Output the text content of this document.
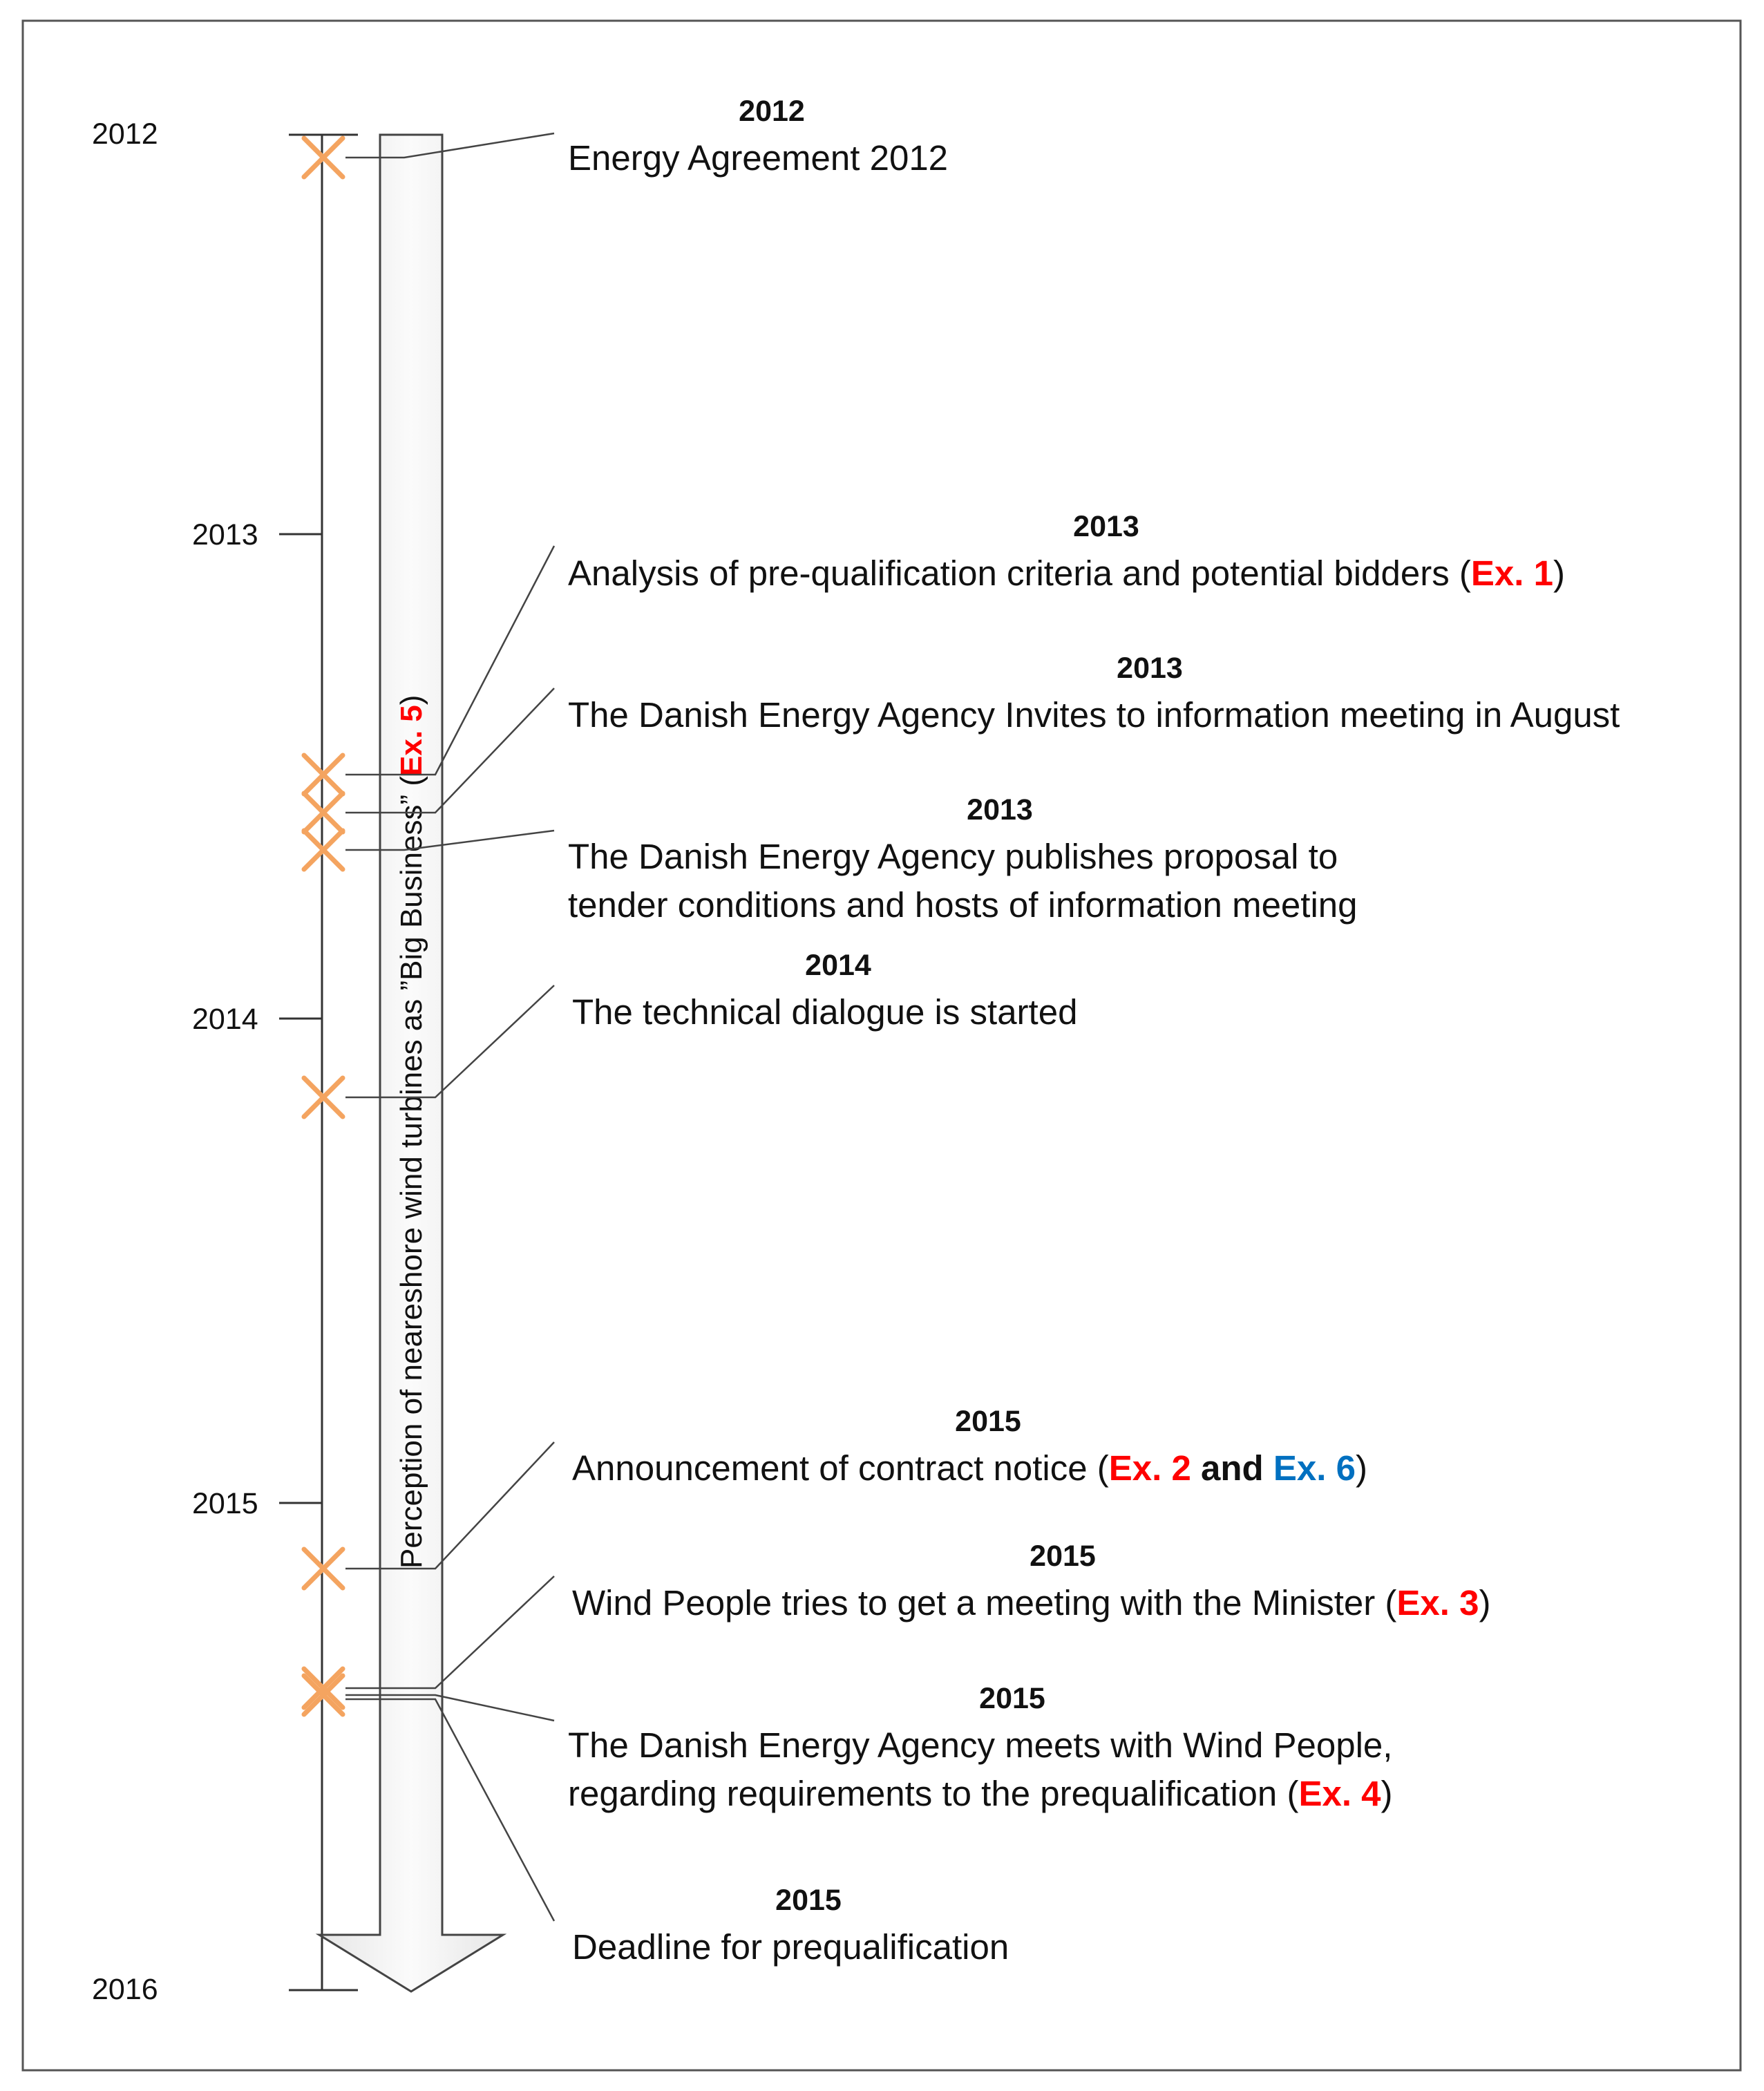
2012
2013
2014
2015
2016
Perception of neareshore wind turbines as ”Big Business” (Ex. 5)
2012
Energy Agreement 2012
2013
Analysis of pre-qualification criteria and potential bidders (Ex. 1)
2013
The Danish Energy Agency Invites to information meeting in August
2013
The Danish Energy Agency publishes proposal to
tender conditions and hosts of information meeting
2014
The technical dialogue is started
2015
Announcement of contract notice (Ex. 2 and Ex. 6)
2015
Wind People tries to get a meeting with the Minister (Ex. 3)
2015
The Danish Energy Agency meets with Wind People,
regarding requirements to the prequalification (Ex. 4)
2015
Deadline for prequalification
